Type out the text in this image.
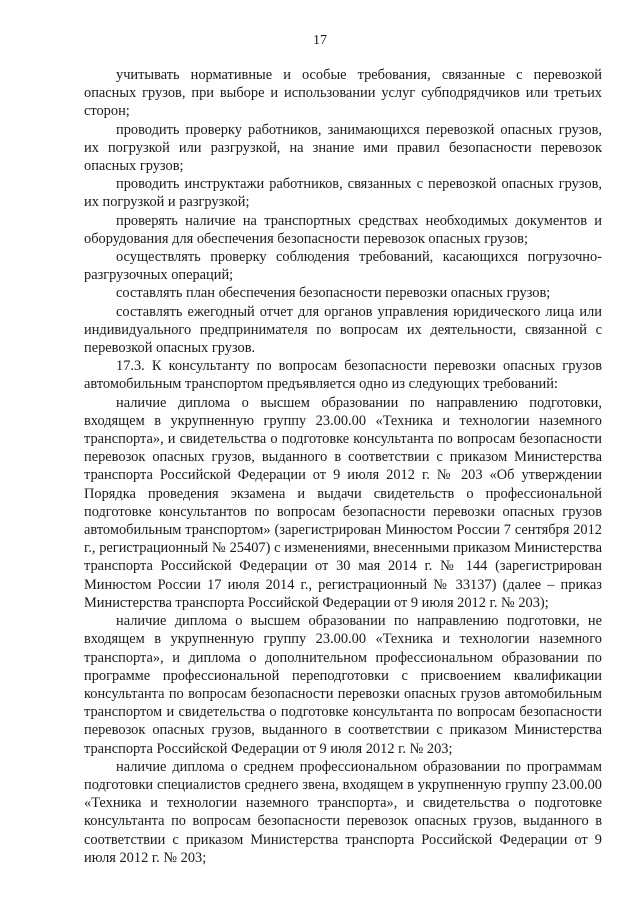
17

учитывать нормативные и особые требования, связанные с перевозкой опасных грузов, при выборе и использовании услуг субподрядчиков или третьих сторон;

проводить проверку работников, занимающихся перевозкой опасных грузов, их погрузкой или разгрузкой, на знание ими правил безопасности перевозок опасных грузов;

проводить инструктажи работников, связанных с перевозкой опасных грузов, их погрузкой и разгрузкой;

проверять наличие на транспортных средствах необходимых документов и оборудования для обеспечения безопасности перевозок опасных грузов;

осуществлять проверку соблюдения требований, касающихся погрузочно-разгрузочных операций;

составлять план обеспечения безопасности перевозки опасных грузов;

составлять ежегодный отчет для органов управления юридического лица или индивидуального предпринимателя по вопросам их деятельности, связанной с перевозкой опасных грузов.

17.3. К консультанту по вопросам безопасности перевозки опасных грузов автомобильным транспортом предъявляется одно из следующих требований:

наличие диплома о высшем образовании по направлению подготовки, входящем в укрупненную группу 23.00.00 «Техника и технологии наземного транспорта», и свидетельства о подготовке консультанта по вопросам безопасности перевозок опасных грузов, выданного в соответствии с приказом Министерства транспорта Российской Федерации от 9 июля 2012 г. № 203 «Об утверждении Порядка проведения экзамена и выдачи свидетельств о профессиональной подготовке консультантов по вопросам безопасности перевозки опасных грузов автомобильным транспортом» (зарегистрирован Минюстом России 7 сентября 2012 г., регистрационный № 25407) с изменениями, внесенными приказом Министерства транспорта Российской Федерации от 30 мая 2014 г. № 144 (зарегистрирован Минюстом России 17 июля 2014 г., регистрационный № 33137) (далее – приказ Министерства транспорта Российской Федерации от 9 июля 2012 г. № 203);

наличие диплома о высшем образовании по направлению подготовки, не входящем в укрупненную группу 23.00.00 «Техника и технологии наземного транспорта», и диплома о дополнительном профессиональном образовании по программе профессиональной переподготовки с присвоением квалификации консультанта по вопросам безопасности перевозки опасных грузов автомобильным транспортом и свидетельства о подготовке консультанта по вопросам безопасности перевозок опасных грузов, выданного в соответствии с приказом Министерства транспорта Российской Федерации от 9 июля 2012 г. № 203;

наличие диплома о среднем профессиональном образовании по программам подготовки специалистов среднего звена, входящем в укрупненную группу 23.00.00 «Техника и технологии наземного транспорта», и свидетельства о подготовке консультанта по вопросам безопасности перевозок опасных грузов, выданного в соответствии с приказом Министерства транспорта Российской Федерации от 9 июля 2012 г. № 203;
